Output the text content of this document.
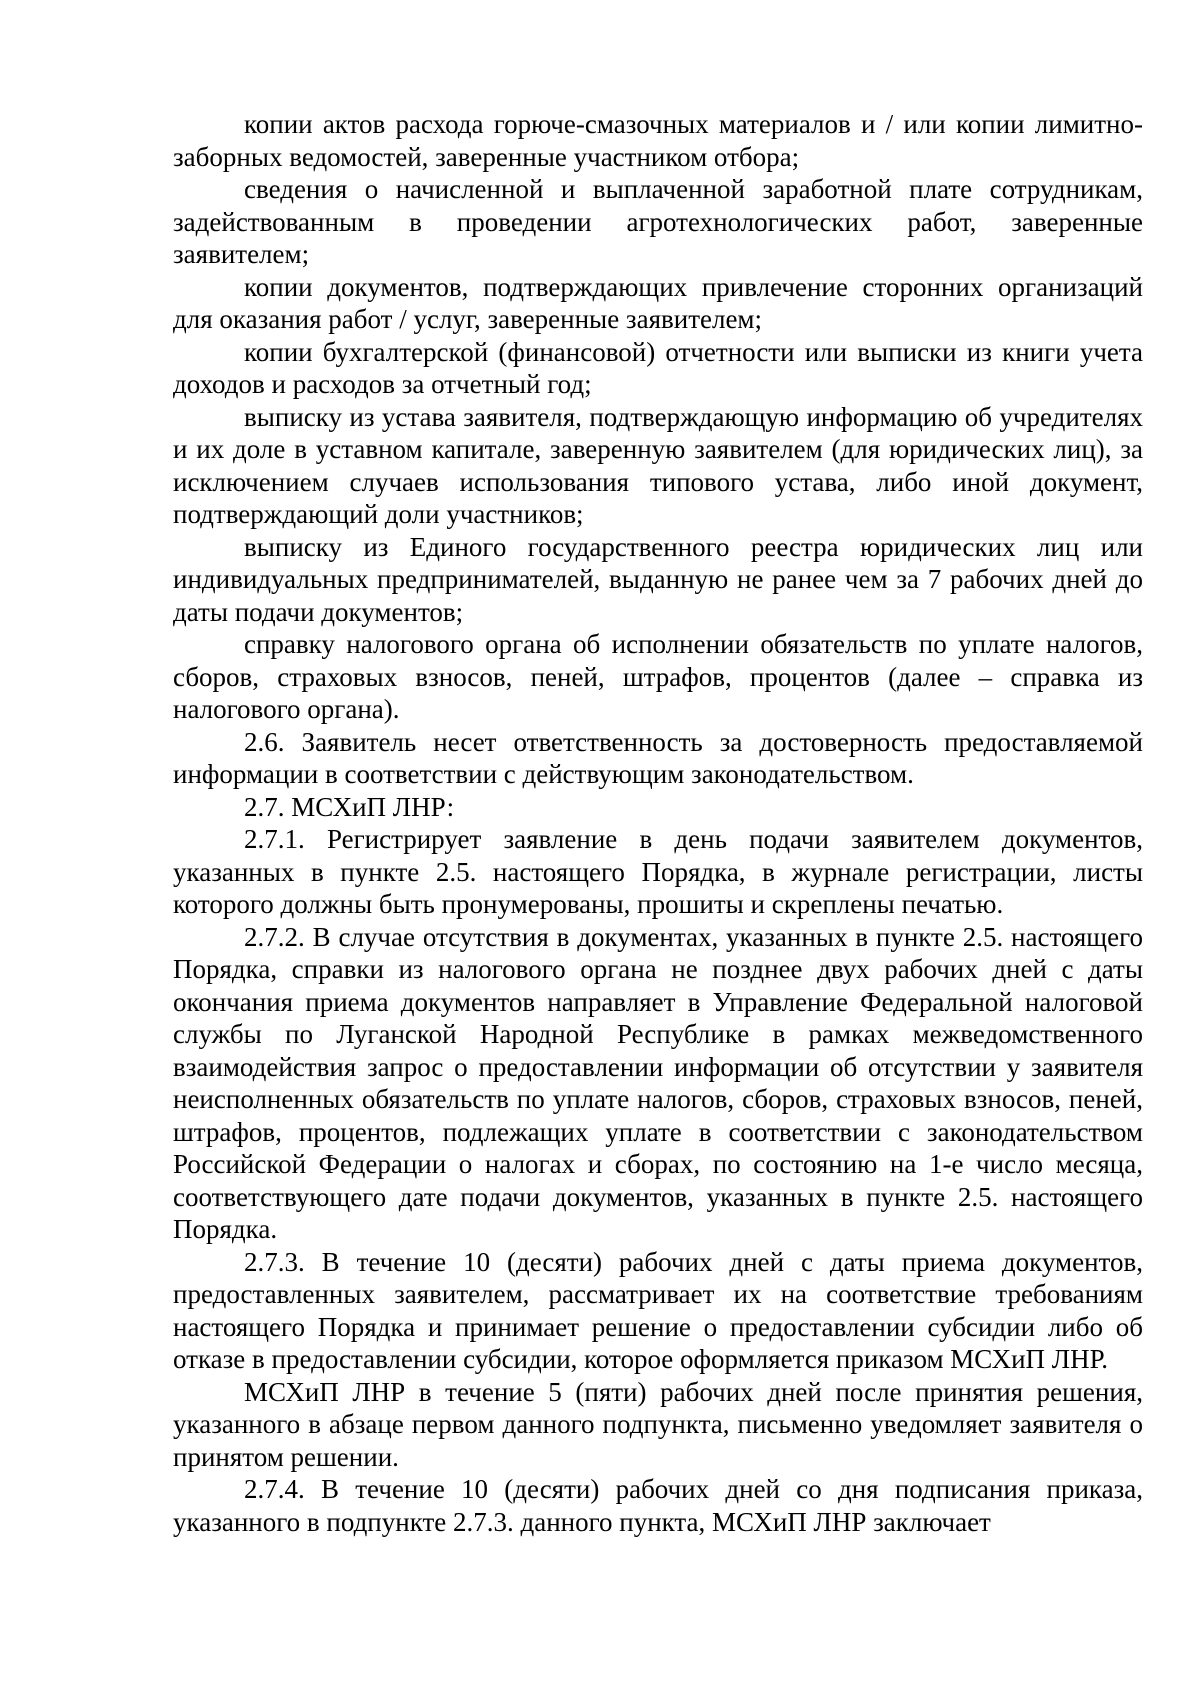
копии актов расхода горюче-смазочных материалов и / или копии лимитно-заборных ведомостей, заверенные участником отбора;

сведения о начисленной и выплаченной заработной плате сотрудникам, задействованным в проведении агротехнологических работ, заверенные заявителем;

копии документов, подтверждающих привлечение сторонних организаций для оказания работ / услуг, заверенные заявителем;

копии бухгалтерской (финансовой) отчетности или выписки из книги учета доходов и расходов за отчетный год;

выписку из устава заявителя, подтверждающую информацию об учредителях и их доле в уставном капитале, заверенную заявителем (для юридических лиц), за исключением случаев использования типового устава, либо иной документ, подтверждающий доли участников;

выписку из Единого государственного реестра юридических лиц или индивидуальных предпринимателей, выданную не ранее чем за 7 рабочих дней до даты подачи документов;

справку налогового органа об исполнении обязательств по уплате налогов, сборов, страховых взносов, пеней, штрафов, процентов (далее – справка из налогового органа).

2.6. Заявитель несет ответственность за достоверность предоставляемой информации в соответствии с действующим законодательством.

2.7. МСХиП ЛНР:

2.7.1. Регистрирует заявление в день подачи заявителем документов, указанных в пункте 2.5. настоящего Порядка, в журнале регистрации, листы которого должны быть пронумерованы, прошиты и скреплены печатью.

2.7.2. В случае отсутствия в документах, указанных в пункте 2.5. настоящего Порядка, справки из налогового органа не позднее двух рабочих дней с даты окончания приема документов направляет в Управление Федеральной налоговой службы по Луганской Народной Республике в рамках межведомственного взаимодействия запрос о предоставлении информации об отсутствии у заявителя неисполненных обязательств по уплате налогов, сборов, страховых взносов, пеней, штрафов, процентов, подлежащих уплате в соответствии с законодательством Российской Федерации о налогах и сборах, по состоянию на 1-е число месяца, соответствующего дате подачи документов, указанных в пункте 2.5. настоящего Порядка.

2.7.3. В течение 10 (десяти) рабочих дней с даты приема документов, предоставленных заявителем, рассматривает их на соответствие требованиям настоящего Порядка и принимает решение о предоставлении субсидии либо об отказе в предоставлении субсидии, которое оформляется приказом МСХиП ЛНР.

МСХиП ЛНР в течение 5 (пяти) рабочих дней после принятия решения, указанного в абзаце первом данного подпункта, письменно уведомляет заявителя о принятом решении.

2.7.4. В течение 10 (десяти) рабочих дней со дня подписания приказа, указанного в подпункте 2.7.3. данного пункта, МСХиП ЛНР заключает
